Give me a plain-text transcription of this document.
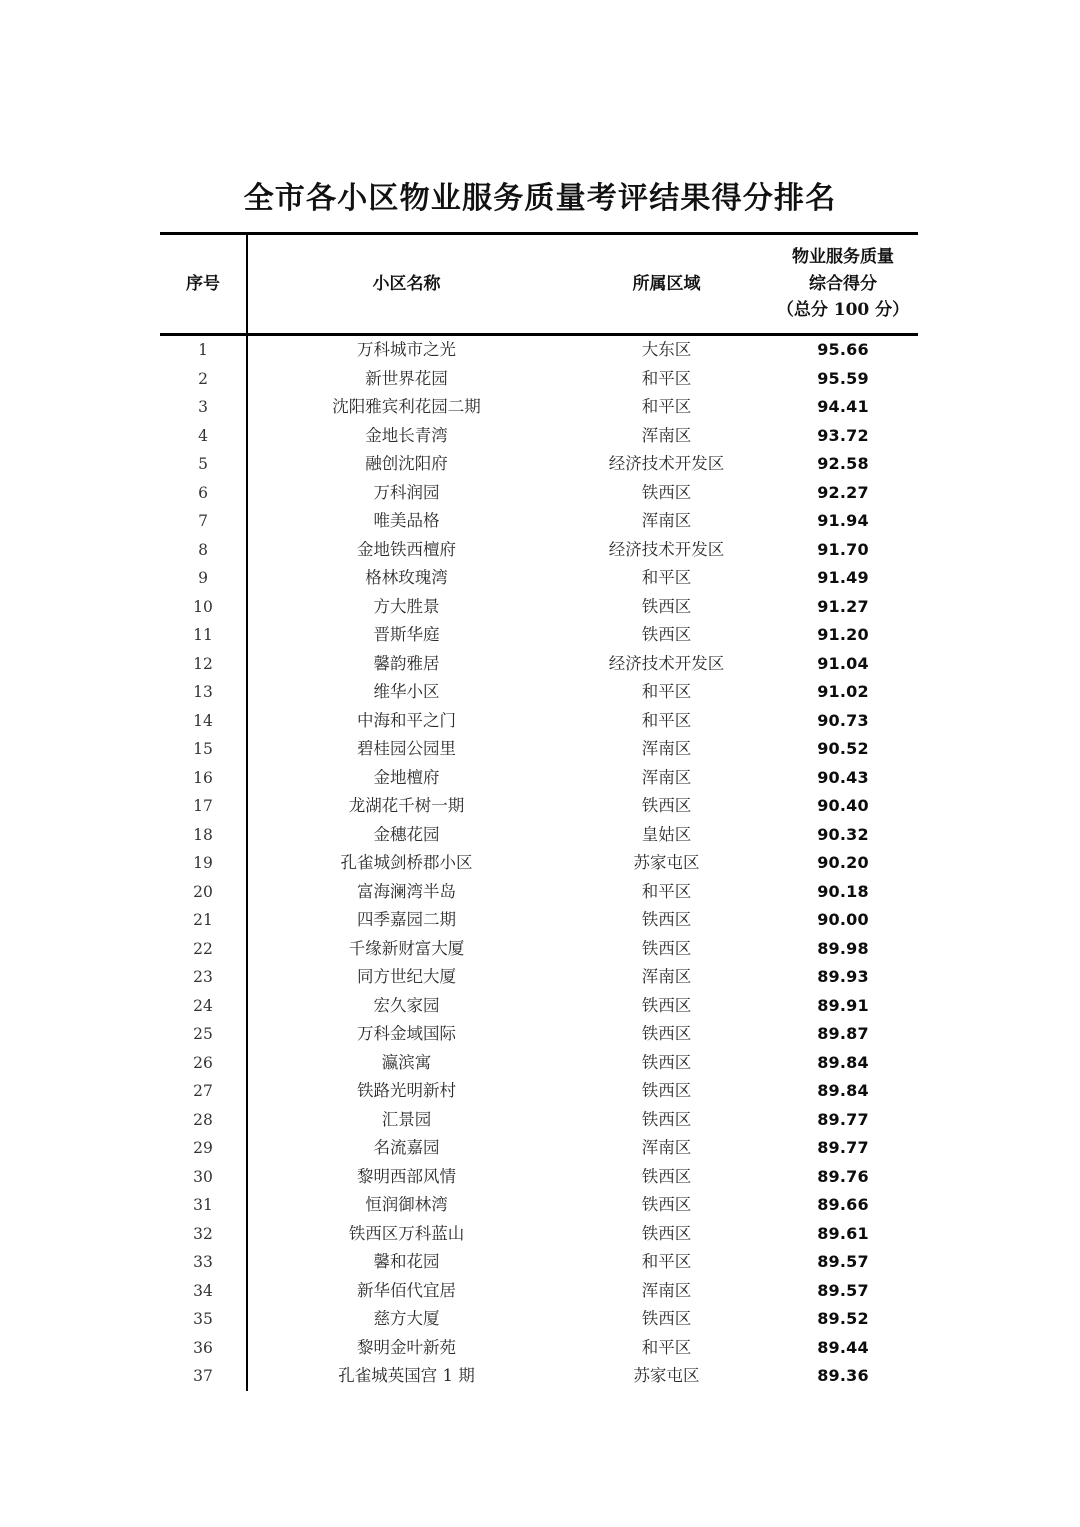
全市各小区物业服务质量考评结果得分排名
序号	小区名称	所属区域	物业服务质量
综合得分
（总分 100 分）

1	万科城市之光	大东区	95.66
2	新世界花园	和平区	95.59
3	沈阳雅宾利花园二期	和平区	94.41
4	金地长青湾	浑南区	93.72
5	融创沈阳府	经济技术开发区	92.58
6	万科润园	铁西区	92.27
7	唯美品格	浑南区	91.94
8	金地铁西檀府	经济技术开发区	91.70
9	格林玫瑰湾	和平区	91.49
10	方大胜景	铁西区	91.27
11	晋斯华庭	铁西区	91.20
12	馨韵雅居	经济技术开发区	91.04
13	维华小区	和平区	91.02
14	中海和平之门	和平区	90.73
15	碧桂园公园里	浑南区	90.52
16	金地檀府	浑南区	90.43
17	龙湖花千树一期	铁西区	90.40
18	金穗花园	皇姑区	90.32
19	孔雀城剑桥郡小区	苏家屯区	90.20
20	富海澜湾半岛	和平区	90.18
21	四季嘉园二期	铁西区	90.00
22	千缘新财富大厦	铁西区	89.98
23	同方世纪大厦	浑南区	89.93
24	宏久家园	铁西区	89.91
25	万科金域国际	铁西区	89.87
26	瀛滨寓	铁西区	89.84
27	铁路光明新村	铁西区	89.84
28	汇景园	铁西区	89.77
29	名流嘉园	浑南区	89.77
30	黎明西部风情	铁西区	89.76
31	恒润御林湾	铁西区	89.66
32	铁西区万科蓝山	铁西区	89.61
33	馨和花园	和平区	89.57
34	新华佰代宜居	浑南区	89.57
35	慈方大厦	铁西区	89.52
36	黎明金叶新苑	和平区	89.44
37	孔雀城英国宫 1 期	苏家屯区	89.36
